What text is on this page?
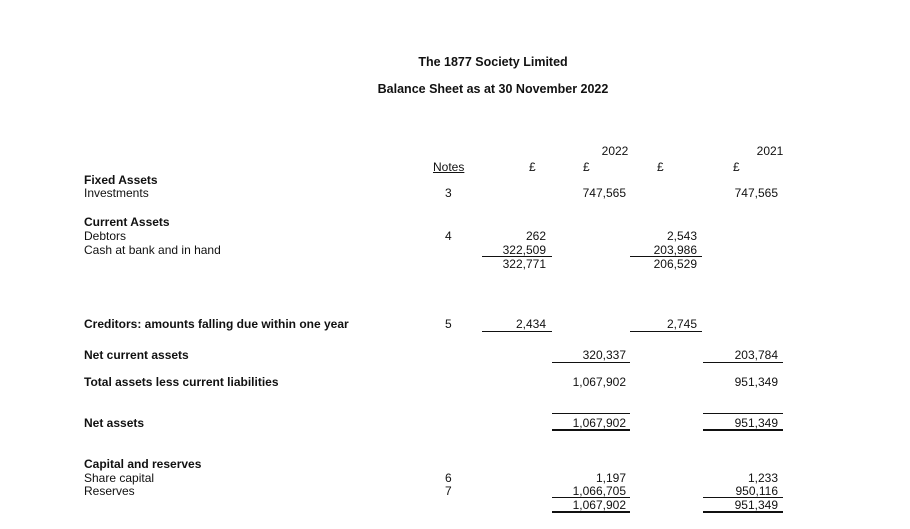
The 1877 Society Limited
Balance Sheet as at 30 November 2022
2022	2021
Notes	£	£	£	£
Fixed Assets
Investments	3	747,565	747,565
Current Assets
Debtors	4	262	2,543
Cash at bank and in hand	322,509	203,986
322,771	206,529
Creditors: amounts falling due within one year	5	2,434	2,745
Net current assets	320,337	203,784
Total assets less current liabilities	1,067,902	951,349
Net assets	1,067,902	951,349
Capital and reserves
Share capital	6	1,197	1,233
Reserves	7	1,066,705	950,116
1,067,902	951,349
